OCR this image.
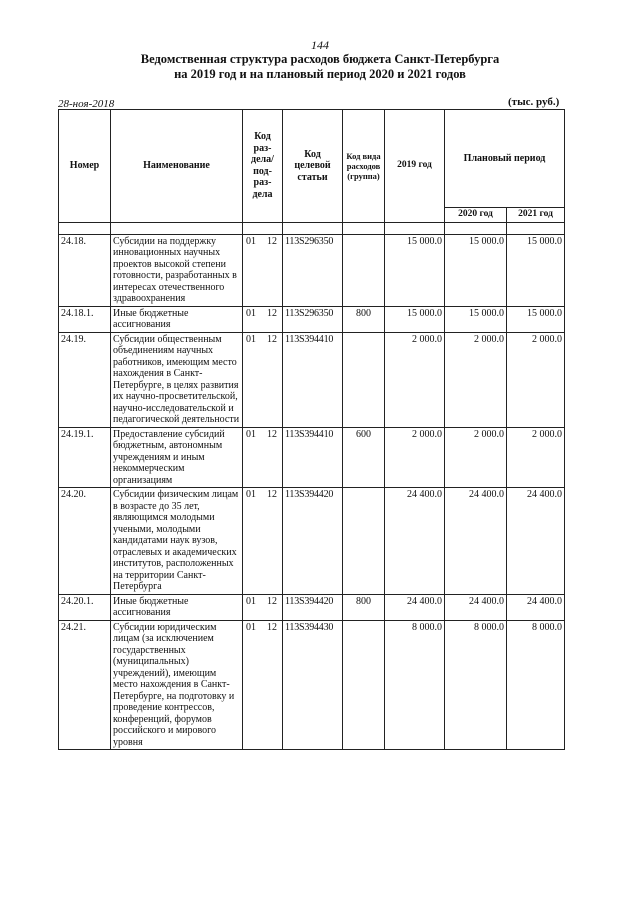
144
Ведомственная структура расходов бюджета Санкт-Петербурга
на 2019 год и на плановый период 2020 и 2021 годов
28-ноя-2018	(тыс. руб.)
Номер	Наименование	Код раз-дела/ под-раз-дела	Код целевой статьи	Код вида расходов (группа)	2019 год	Плановый период	
						2020 год	2021 год

24.18.	Субсидии на поддержку инновационных научных проектов высокой степени готовности, разработанных в интересах отечественного здравоохранения	01 12	113S296350		15 000.0	15 000.0	15 000.0
24.18.1.	Иные бюджетные ассигнования	01 12	113S296350	800	15 000.0	15 000.0	15 000.0
24.19.	Субсидии общественным объединениям научных работников, имеющим место нахождения в Санкт-Петербурге, в целях развития их научно-просветительской, научно-исследовательской и педагогической деятельности	01 12	113S394410		2 000.0	2 000.0	2 000.0
24.19.1.	Предоставление субсидий бюджетным, автономным учреждениям и иным некоммерческим организациям	01 12	113S394410	600	2 000.0	2 000.0	2 000.0
24.20.	Субсидии физическим лицам в возрасте до 35 лет, являющимся молодыми учеными, молодыми кандидатами наук вузов, отраслевых и академических институтов, расположенных на территории Санкт-Петербурга	01 12	113S394420		24 400.0	24 400.0	24 400.0
24.20.1.	Иные бюджетные ассигнования	01 12	113S394420	800	24 400.0	24 400.0	24 400.0
24.21.	Субсидии юридическим лицам (за исключением государственных (муниципальных) учреждений), имеющим место нахождения в Санкт-Петербурге, на подготовку и проведение контрессов, конференций, форумов российского и мирового уровня	01 12	113S394430		8 000.0	8 000.0	8 000.0
